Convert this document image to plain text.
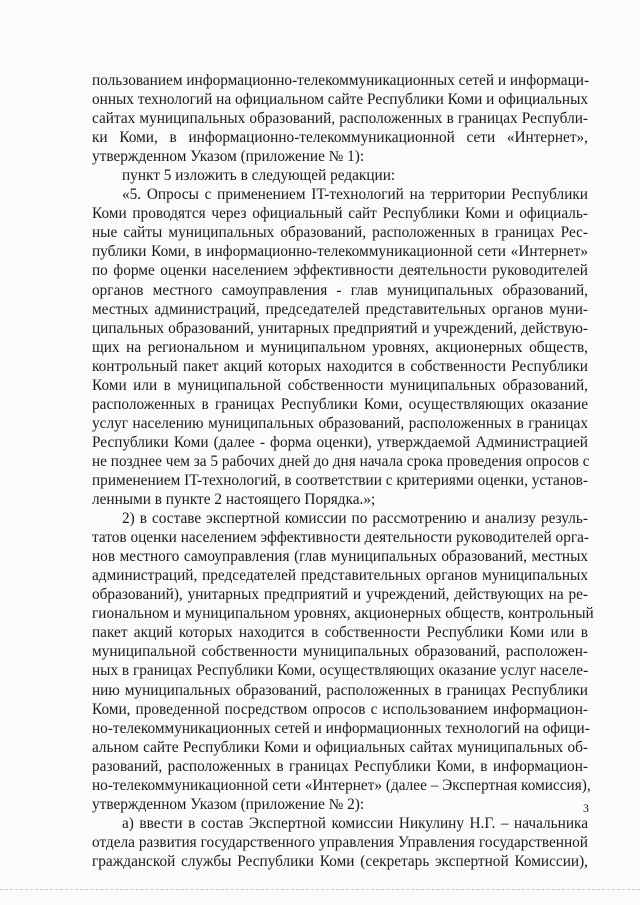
пользованием информационно-телекоммуникационных сетей и информаци-
онных технологий на официальном сайте Республики Коми и официальных
сайтах муниципальных образований, расположенных в границах Республи-
ки Коми, в информационно-телекоммуникационной сети «Интернет»,
утвержденном Указом (приложение № 1):
пункт 5 изложить в следующей редакции:
«5. Опросы с применением IT-технологий на территории Республики
Коми проводятся через официальный сайт Республики Коми и официаль-
ные сайты муниципальных образований, расположенных в границах Рес-
публики Коми, в информационно-телекоммуникационной сети «Интернет»
по форме оценки населением эффективности деятельности руководителей
органов местного самоуправления - глав муниципальных образований,
местных администраций, председателей представительных органов муни-
ципальных образований, унитарных предприятий и учреждений, действую-
щих на региональном и муниципальном уровнях, акционерных обществ,
контрольный пакет акций которых находится в собственности Республики
Коми или в муниципальной собственности муниципальных образований,
расположенных в границах Республики Коми, осуществляющих оказание
услуг населению муниципальных образований, расположенных в границах
Республики Коми (далее - форма оценки), утверждаемой Администрацией
не позднее чем за 5 рабочих дней до дня начала срока проведения опросов с
применением IT-технологий, в соответствии с критериями оценки, установ-
ленными в пункте 2 настоящего Порядка.»;
2) в составе экспертной комиссии по рассмотрению и анализу резуль-
татов оценки населением эффективности деятельности руководителей орга-
нов местного самоуправления (глав муниципальных образований, местных
администраций, председателей представительных органов муниципальных
образований), унитарных предприятий и учреждений, действующих на ре-
гиональном и муниципальном уровнях, акционерных обществ, контрольный
пакет акций которых находится в собственности Республики Коми или в
муниципальной собственности муниципальных образований, расположен-
ных в границах Республики Коми, осуществляющих оказание услуг населе-
нию муниципальных образований, расположенных в границах Республики
Коми, проведенной посредством опросов с использованием информацион-
но-телекоммуникационных сетей и информационных технологий на офици-
альном сайте Республики Коми и официальных сайтах муниципальных об-
разований, расположенных в границах Республики Коми, в информацион-
но-телекоммуникационной сети «Интернет» (далее – Экспертная комиссия),
утвержденном Указом (приложение № 2):
а) ввести в состав Экспертной комиссии Никулину Н.Г. – начальника
отдела развития государственного управления Управления государственной
гражданской службы Республики Коми (секретарь экспертной Комиссии),
3
